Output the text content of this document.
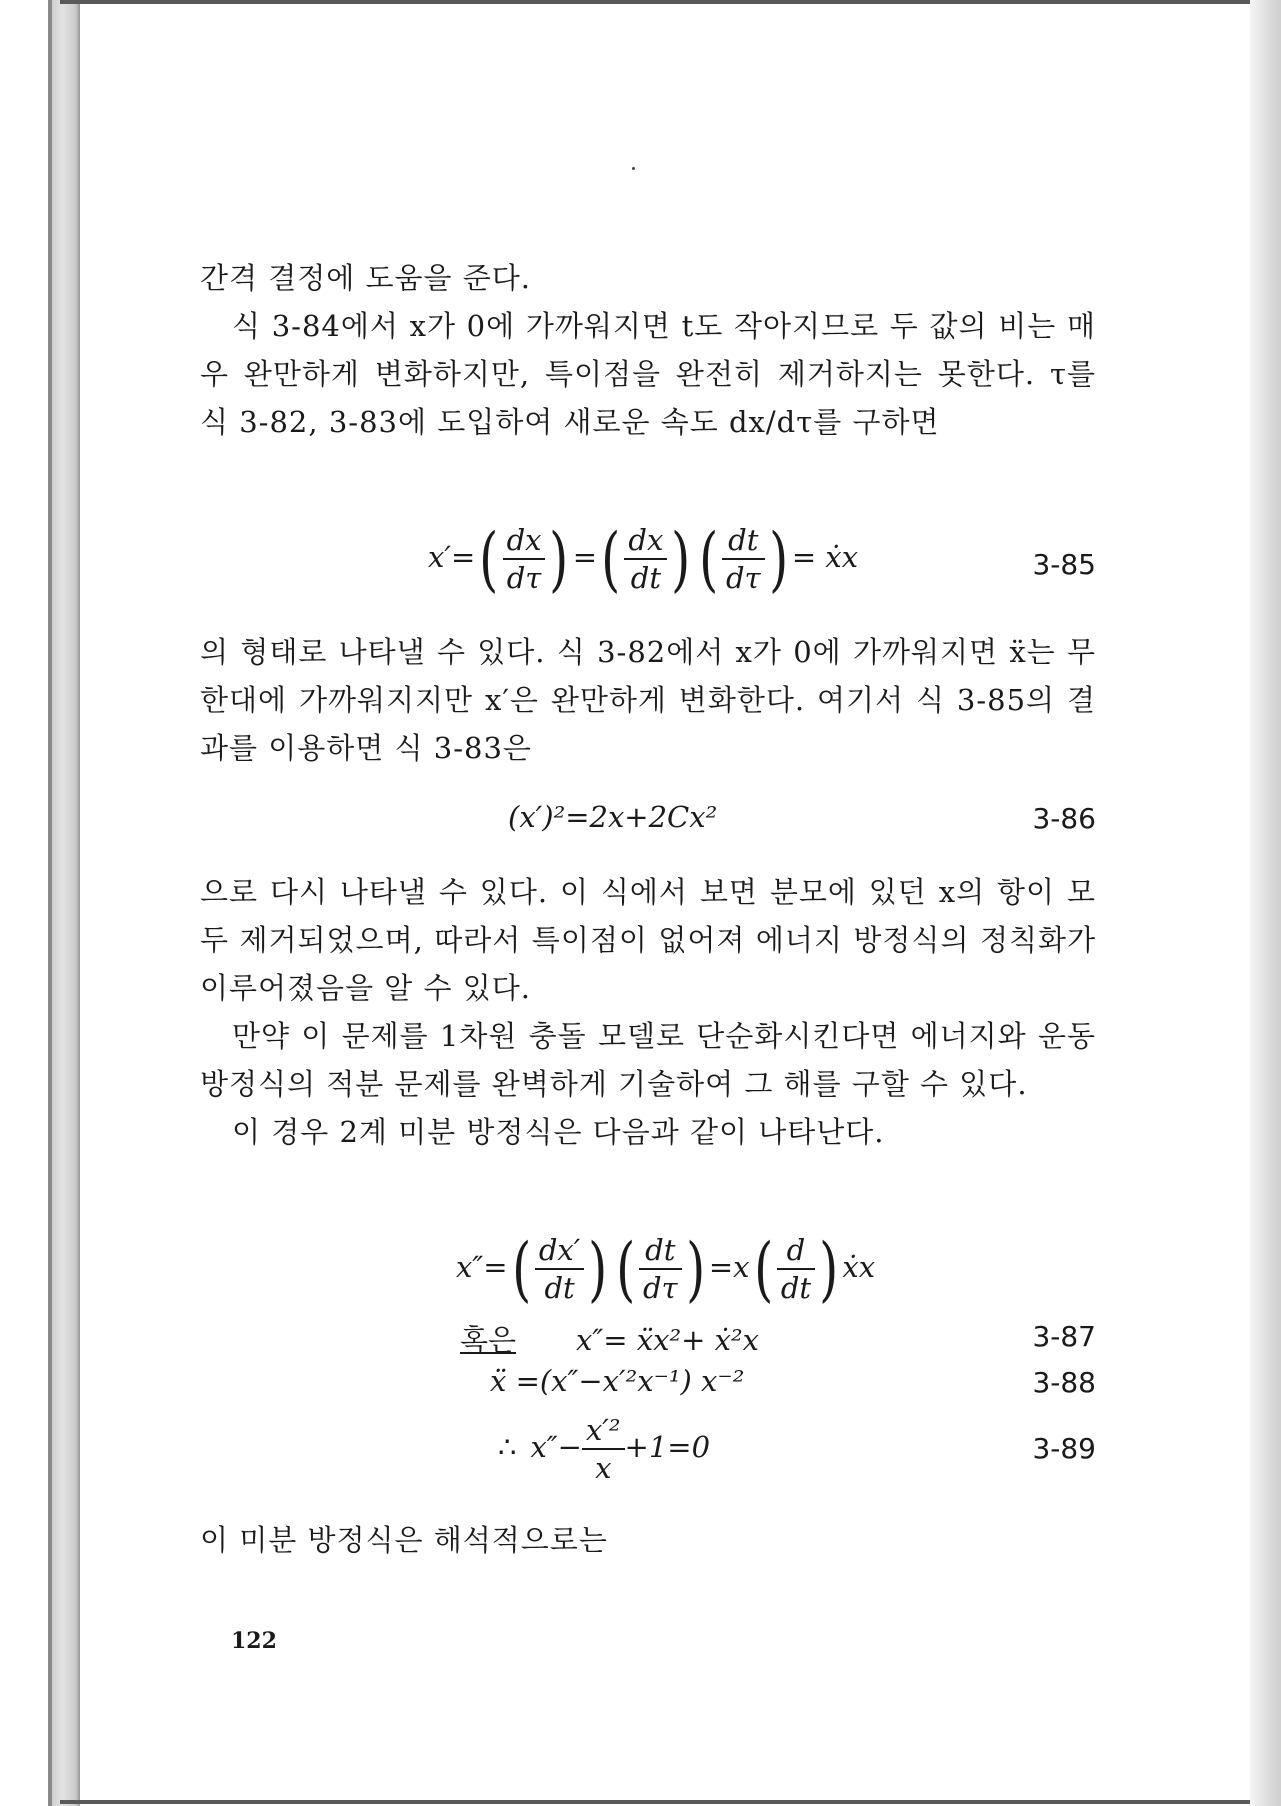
간격 결정에 도움을 준다.

식 3-84에서 x가 0에 가까워지면 t도 작아지므로 두 값의 비는 매우 완만하게 변화하지만, 특이점을 완전히 제거하지는 못한다. τ를 식 3-82, 3-83에 도입하여 새로운 속도 dx/dτ를 구하면

$x'=( \frac{dx}{d\tau}$ ) =( $\frac{dx}{dt}$ ) ( $\frac{dt}{d\tau}$ ) = ẋx	3-85

의 형태로 나타낼 수 있다. 식 3-82에서 x가 0에 가까워지면 ẍ는 무한대에 가까워지지만 x′은 완만하게 변화한다. 여기서 식 3-85의 결과를 이용하면 식 3-83은

(x′)²=2x+2Cx²	3-86

으로 다시 나타낼 수 있다. 이 식에서 보면 분모에 있던 x의 항이 모두 제거되었으며, 따라서 특이점이 없어져 에너지 방정식의 정칙화가 이루어졌음을 알 수 있다.

만약 이 문제를 1차원 충돌 모델로 단순화시킨다면 에너지와 운동 방정식의 적분 문제를 완벽하게 기술하여 그 해를 구할 수 있다.

이 경우 2계 미분 방정식은 다음과 같이 나타난다.

$x''=( \frac{dx'}{dt}$ ) ( $\frac{dt}{d\tau}$ ) $=x( \frac{d}{dt}$ ) ẋx
혹은 x″= ẍx²+ ẋ²x	3-87
ẍ =(x″−x′²x⁻¹) x⁻²	3-88
∴ $x''- \frac{\text{x′²}}{x} +1=0$	3-89

이 미분 방정식은 해석적으로는

122
